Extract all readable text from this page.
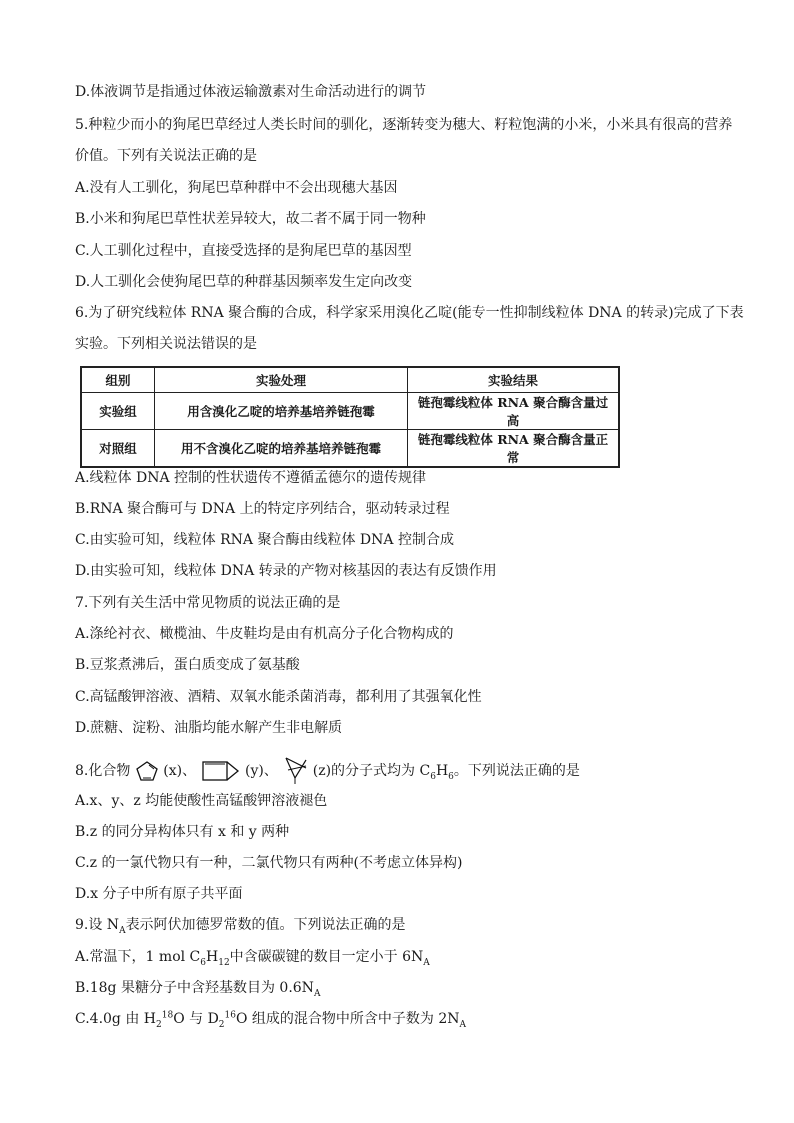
D.体液调节是指通过体液运输激素对生命活动进行的调节
5.种粒少而小的狗尾巴草经过人类长时间的驯化，逐渐转变为穗大、籽粒饱满的小米，小米具有很高的营养
价值。下列有关说法正确的是
A.没有人工驯化，狗尾巴草种群中不会出现穗大基因
B.小米和狗尾巴草性状差异较大，故二者不属于同一物种
C.人工驯化过程中，直接受选择的是狗尾巴草的基因型
D.人工驯化会使狗尾巴草的种群基因频率发生定向改变
6.为了研究线粒体 RNA 聚合酶的合成，科学家采用溴化乙啶(能专一性抑制线粒体 DNA 的转录)完成了下表
实验。下列相关说法错误的是
组别	实验处理	实验结果
实验组	用含溴化乙啶的培养基培养链孢霉	链孢霉线粒体 RNA 聚合酶含量过高
对照组	用不含溴化乙啶的培养基培养链孢霉	链孢霉线粒体 RNA 聚合酶含量正常
A.线粒体 DNA 控制的性状遗传不遵循孟德尔的遗传规律
B.RNA 聚合酶可与 DNA 上的特定序列结合，驱动转录过程
C.由实验可知，线粒体 RNA 聚合酶由线粒体 DNA 控制合成
D.由实验可知，线粒体 DNA 转录的产物对核基因的表达有反馈作用
7.下列有关生活中常见物质的说法正确的是
A.涤纶衬衣、橄榄油、牛皮鞋均是由有机高分子化合物构成的
B.豆浆煮沸后，蛋白质变成了氨基酸
C.高锰酸钾溶液、酒精、双氧水能杀菌消毒，都利用了其强氧化性
D.蔗糖、淀粉、油脂均能水解产生非电解质
8.化合物 (x)、	(y)、 (z)的分子式均为 $C_6H_6$。下列说法正确的是
A.x、y、z 均能使酸性高锰酸钾溶液褪色
B.z 的同分异构体只有 x 和 y 两种
C.z 的一氯代物只有一种，二氯代物只有两种(不考虑立体异构)
D.x 分子中所有原子共平面
9.设 $N_A$表示阿伏加德罗常数的值。下列说法正确的是
A.常温下，1 mol $C_6H_{12}$中含碳碳键的数目一定小于 $6N_A$
B.18g 果糖分子中含羟基数目为 $0.6N_A$
C.4.0g 由 $H_2^{18}O$ 与 $D_2^{16}O$ 组成的混合物中所含中子数为 $2N_A$
